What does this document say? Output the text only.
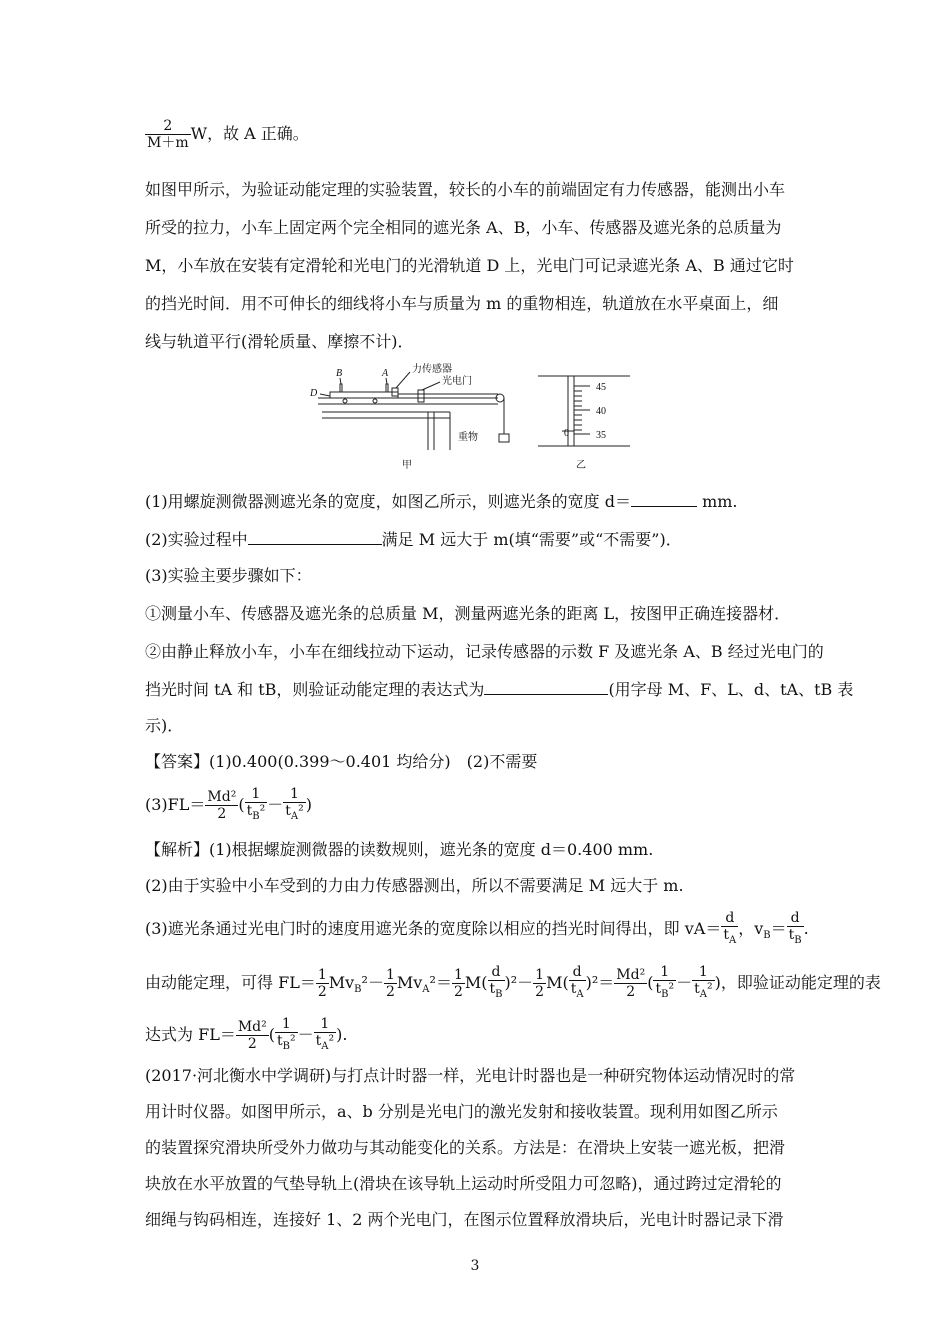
$\frac{2}{M+m}$ W，故 A 正确。
如图甲所示，为验证动能定理的实验装置，较长的小车的前端固定有力传感器，能测出小车
所受的拉力，小车上固定两个完全相同的遮光条 A、B，小车、传感器及遮光条的总质量为
M，小车放在安装有定滑轮和光电门的光滑轨道 D 上，光电门可记录遮光条 A、B 通过它时
的挡光时间．用不可伸长的细线将小车与质量为 m 的重物相连，轨道放在水平桌面上，细
线与轨道平行(滑轮质量、摩擦不计)．
B	A
D
力传感器
光电门
重物
甲
45
40
35
0
乙
(1)用螺旋测微器测遮光条的宽度，如图乙所示，则遮光条的宽度 d＝	mm.
(2)实验过程中	满足 M 远大于 m(填“需要”或“不需要”)．
(3)实验主要步骤如下：
①测量小车、传感器及遮光条的总质量 M，测量两遮光条的距离 L，按图甲正确连接器材．
②由静止释放小车，小车在细线拉动下运动，记录传感器的示数 F 及遮光条 A、B 经过光电门的
挡光时间 tA 和 tB，则验证动能定理的表达式为	(用字母 M、F、L、d、tA、tB 表
示)．
【答案】(1)0.400(0.399～0.401 均给分)　(2)不需要
$(3)FL= \frac{\text{Md²}}{2}$ ( $\frac{1}{t_B^2} - \frac{1}{t_A^2}$ )
【解析】(1)根据螺旋测微器的读数规则，遮光条的宽度 d＝0.400 mm.
(2)由于实验中小车受到的力由力传感器测出，所以不需要满足 M 远大于 m.
(3)遮光条通过光电门时的速度用遮光条的宽度除以相应的挡光时间得出，即 $vA= \frac{d}{t_A}$ ，$v_B= \frac{d}{t_B}$ .
由动能定理，可得 $FL= \frac{1}{2} Mv_B^2- \frac{1}{2} Mv_A^2= \frac{1}{2} M( \frac{d}{t_B} )^2- \frac{1}{2} M( \frac{d}{t_A} )^2= \frac{\text{Md²}}{2}$ ( $\frac{1}{t_B^2} - \frac{1}{t_A^2}$ )，即验证动能定理的表
达式为 $FL= \frac{\text{Md²}}{2}$ ( $\frac{1}{t_B^2} - \frac{1}{t_A^2}$ ).
(2017·河北衡水中学调研)与打点计时器一样，光电计时器也是一种研究物体运动情况时的常
用计时仪器。如图甲所示，a、b 分别是光电门的激光发射和接收装置。现利用如图乙所示
的装置探究滑块所受外力做功与其动能变化的关系。方法是：在滑块上安装一遮光板，把滑
块放在水平放置的气垫导轨上(滑块在该导轨上运动时所受阻力可忽略)，通过跨过定滑轮的
细绳与钩码相连，连接好 1、2 两个光电门，在图示位置释放滑块后，光电计时器记录下滑
3
